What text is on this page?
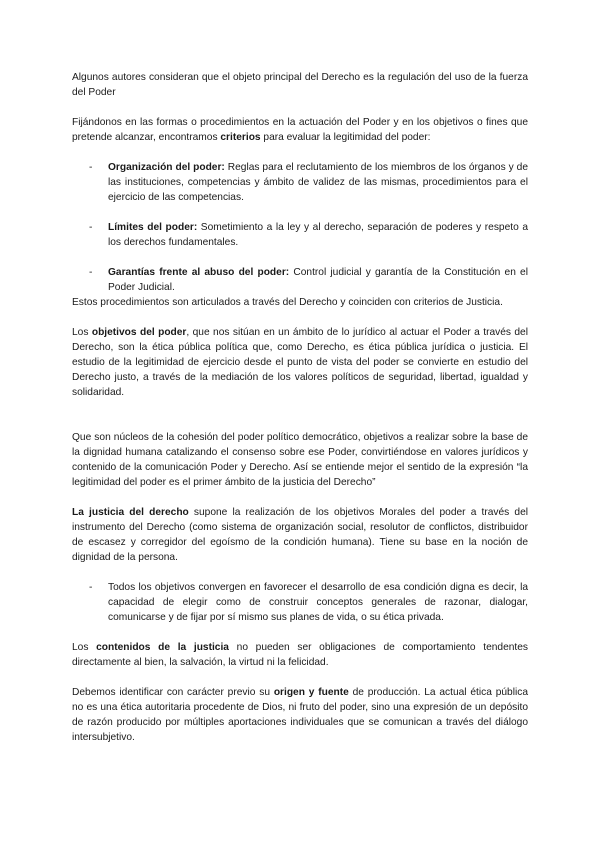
Algunos autores consideran que el objeto principal del Derecho es la regulación del uso de la fuerza del Poder

Fijándonos en las formas o procedimientos en la actuación del Poder y en los objetivos o fines que pretende alcanzar, encontramos criterios para evaluar la legitimidad del poder:

- Organización del poder: Reglas para el reclutamiento de los miembros de los órganos y de las instituciones, competencias y ámbito de validez de las mismas, procedimientos para el ejercicio de las competencias.
- Límites del poder: Sometimiento a la ley y al derecho, separación de poderes y respeto a los derechos fundamentales.
- Garantías frente al abuso del poder: Control judicial y garantía de la Constitución en el Poder Judicial.

Estos procedimientos son articulados a través del Derecho y coinciden con criterios de Justicia.

Los objetivos del poder, que nos sitúan en un ámbito de lo jurídico al actuar el Poder a través del Derecho, son la ética pública política que, como Derecho, es ética pública jurídica o justicia. El estudio de la legitimidad de ejercicio desde el punto de vista del poder se convierte en estudio del Derecho justo, a través de la mediación de los valores políticos de seguridad, libertad, igualdad y solidaridad.

Que son núcleos de la cohesión del poder político democrático, objetivos a realizar sobre la base de la dignidad humana catalizando el consenso sobre ese Poder, convirtiéndose en valores jurídicos y contenido de la comunicación Poder y Derecho. Así se entiende mejor el sentido de la expresión “la legitimidad del poder es el primer ámbito de la justicia del Derecho”

La justicia del derecho supone la realización de los objetivos Morales del poder a través del instrumento del Derecho (como sistema de organización social, resolutor de conflictos, distribuidor de escasez y corregidor del egoísmo de la condición humana). Tiene su base en la noción de dignidad de la persona.

- Todos los objetivos convergen en favorecer el desarrollo de esa condición digna es decir, la capacidad de elegir como de construir conceptos generales de razonar, dialogar, comunicarse y de fijar por sí mismo sus planes de vida, o su ética privada.

Los contenidos de la justicia no pueden ser obligaciones de comportamiento tendentes directamente al bien, la salvación, la virtud ni la felicidad.

Debemos identificar con carácter previo su origen y fuente de producción. La actual ética pública no es una ética autoritaria procedente de Dios, ni fruto del poder, sino una expresión de un depósito de razón producido por múltiples aportaciones individuales que se comunican a través del diálogo intersubjetivo.
